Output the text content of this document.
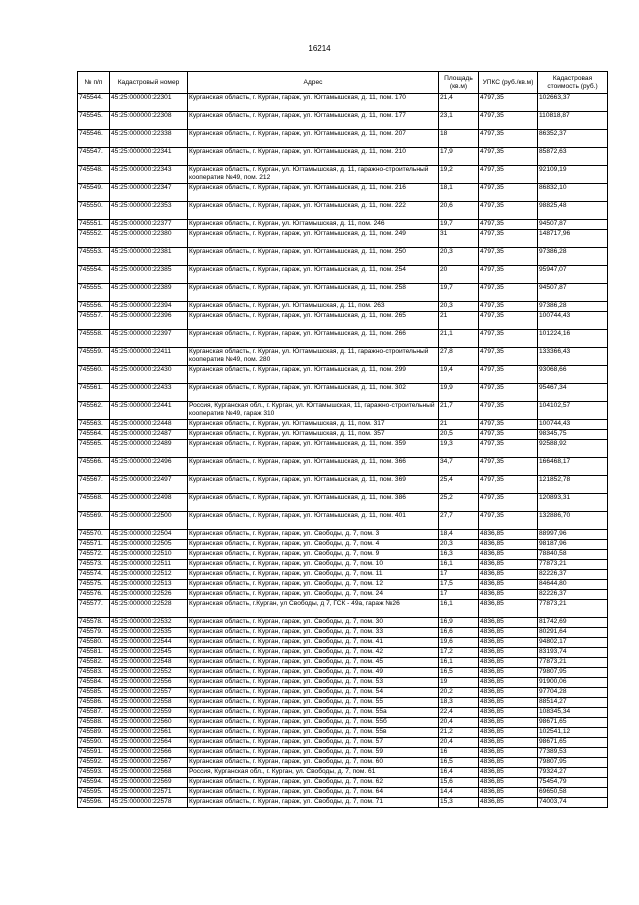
16214
№ п/п	Кадастровый номер	Адрес	Площадь (кв.м)	УПКС (руб./кв.м)	Кадастровая стоимость (руб.)
745544.	45:25:000000:22301	Курганская область, г. Курган, гараж, ул. Югтамышская, д. 11, пом. 170	21,4	4797,35	102663,37
745545.	45:25:000000:22308	Курганская область, г. Курган, гараж, ул. Югтамышская, д. 11, пом. 177	23,1	4797,35	110818,87
745546.	45:25:000000:22338	Курганская область, г. Курган, гараж, ул. Югтамышская, д. 11, пом. 207	18	4797,35	86352,37
745547.	45:25:000000:22341	Курганская область, г. Курган, гараж, ул. Югтамышская, д. 11, пом. 210	17,9	4797,35	85872,63
745548.	45:25:000000:22343	Курганская область, г. Курган, ул. Югтамышская, д. 11, гаражно-строительный кооператив №49, пом. 212	19,2	4797,35	92109,19
745549.	45:25:000000:22347	Курганская область, г. Курган, гараж, ул. Югтамышская, д. 11, пом. 216	18,1	4797,35	86832,10
745550.	45:25:000000:22353	Курганская область, г. Курган, гараж, ул. Югтамышская, д. 11, пом. 222	20,6	4797,35	98825,48
745551.	45:25:000000:22377	Курганская область, г. Курган, ул. Югтамышская, д. 11, пом. 246	19,7	4797,35	94507,87
745552.	45:25:000000:22380	Курганская область, г. Курган, гараж, ул. Югтамышская, д. 11, пом. 249	31	4797,35	148717,96
745553.	45:25:000000:22381	Курганская область, г. Курган, гараж, ул. Югтамышская, д. 11, пом. 250	20,3	4797,35	97386,28
745554.	45:25:000000:22385	Курганская область, г. Курган, гараж, ул. Югтамышская, д. 11, пом. 254	20	4797,35	95947,07
745555.	45:25:000000:22389	Курганская область, г. Курган, гараж, ул. Югтамышская, д. 11, пом. 258	19,7	4797,35	94507,87
745556.	45:25:000000:22394	Курганская область, г. Курган, ул. Югтамышская, д. 11, пом. 263	20,3	4797,35	97386,28
745557.	45:25:000000:22396	Курганская область, г. Курган, гараж, ул. Югтамышская, д. 11, пом. 265	21	4797,35	100744,43
745558.	45:25:000000:22397	Курганская область, г. Курган, гараж, ул. Югтамышская, д. 11, пом. 266	21,1	4797,35	101224,16
745559.	45:25:000000:22411	Курганская область, г. Курган, ул. Югтамышская, д. 11, гаражно-строительный кооператив №49, пом. 280	27,8	4797,35	133366,43
745560.	45:25:000000:22430	Курганская область, г. Курган, гараж, ул. Югтамышская, д. 11, пом. 299	19,4	4797,35	93068,66
745561.	45:25:000000:22433	Курганская область, г. Курган, гараж, ул. Югтамышская, д. 11, пом. 302	19,9	4797,35	95467,34
745562.	45:25:000000:22441	Россия, Курганская обл., г. Курган, ул. Югтамышская, 11, гаражно-строительный кооператив №49, гараж 310	21,7	4797,35	104102,57
745563.	45:25:000000:22448	Курганская область, г. Курган, ул. Югтамышская, д. 11, пом. 317	21	4797,35	100744,43
745564.	45:25:000000:22487	Курганская область, г. Курган, ул. Югтамышская, д. 11, пом. 357	20,5	4797,35	98345,75
745565.	45:25:000000:22489	Курганская область, г. Курган, гараж, ул. Югтамышская, д. 11, пом. 359	19,3	4797,35	92588,92
745566.	45:25:000000:22496	Курганская область, г. Курган, гараж, ул. Югтамышская, д. 11, пом. 366	34,7	4797,35	166468,17
745567.	45:25:000000:22497	Курганская область, г. Курган, гараж, ул. Югтамышская, д. 11, пом. 369	25,4	4797,35	121852,78
745568.	45:25:000000:22498	Курганская область, г. Курган, гараж, ул. Югтамышская, д. 11, пом. 386	25,2	4797,35	120893,31
745569.	45:25:000000:22500	Курганская область, г. Курган, гараж, ул. Югтамышская, д. 11, пом. 401	27,7	4797,35	132886,70
745570.	45:25:000000:22504	Курганская область, г. Курган, гараж, ул. Свободы, д. 7, пом. 3	18,4	4836,85	88997,96
745571.	45:25:000000:22505	Курганская область, г. Курган, гараж, ул. Свободы, д. 7, пом. 4	20,3	4836,85	98187,96
745572.	45:25:000000:22510	Курганская область, г. Курган, гараж, ул. Свободы, д. 7, пом. 9	16,3	4836,85	78840,58
745573.	45:25:000000:22511	Курганская область, г. Курган, гараж, ул. Свободы, д. 7, пом. 10	16,1	4836,85	77873,21
745574.	45:25:000000:22512	Курганская область, г. Курган, гараж, ул. Свободы, д. 7, пом. 11	17	4836,85	82226,37
745575.	45:25:000000:22513	Курганская область, г. Курган, гараж, ул. Свободы, д. 7, пом. 12	17,5	4836,85	84644,80
745576.	45:25:000000:22526	Курганская область, г. Курган, гараж, ул. Свободы, д. 7, пом. 24	17	4836,85	82226,37
745577.	45:25:000000:22528	Курганская область, г.Курган, ул Свободы, д 7, ГСК - 49а, гараж №26	16,1	4836,85	77873,21
745578.	45:25:000000:22532	Курганская область, г. Курган, гараж, ул. Свободы, д. 7, пом. 30	16,9	4836,85	81742,69
745579.	45:25:000000:22535	Курганская область, г. Курган, гараж, ул. Свободы, д. 7, пом. 33	16,6	4836,85	80291,64
745580.	45:25:000000:22544	Курганская область, г. Курган, гараж, ул. Свободы, д. 7, пом. 41	19,6	4836,85	94802,17
745581.	45:25:000000:22545	Курганская область, г. Курган, гараж, ул. Свободы, д. 7, пом. 42	17,2	4836,85	83193,74
745582.	45:25:000000:22548	Курганская область, г. Курган, гараж, ул. Свободы, д. 7, пом. 45	16,1	4836,85	77873,21
745583.	45:25:000000:22552	Курганская область, г. Курган, гараж, ул. Свободы, д. 7, пом. 49	16,5	4836,85	79807,95
745584.	45:25:000000:22556	Курганская область, г. Курган, гараж, ул. Свободы, д. 7, пом. 53	19	4836,85	91900,06
745585.	45:25:000000:22557	Курганская область, г. Курган, гараж, ул. Свободы, д. 7, пом. 54	20,2	4836,85	97704,28
745586.	45:25:000000:22558	Курганская область, г. Курган, гараж, ул. Свободы, д. 7, пом. 55	18,3	4836,85	88514,27
745587.	45:25:000000:22559	Курганская область, г. Курган, гараж, ул. Свободы, д. 7, пом. 55а	22,4	4836,85	108345,34
745588.	45:25:000000:22560	Курганская область, г. Курган, гараж, ул. Свободы, д. 7, пом. 55б	20,4	4836,85	98671,65
745589.	45:25:000000:22561	Курганская область, г. Курган, гараж, ул. Свободы, д. 7, пом. 55в	21,2	4836,85	102541,12
745590.	45:25:000000:22564	Курганская область, г. Курган, гараж, ул. Свободы, д. 7, пом. 57	20,4	4836,85	98671,65
745591.	45:25:000000:22566	Курганская область, г. Курган, гараж, ул. Свободы, д. 7, пом. 59	16	4836,85	77389,53
745592.	45:25:000000:22567	Курганская область, г. Курган, гараж, ул. Свободы, д. 7, пом. 60	16,5	4836,85	79807,95
745593.	45:25:000000:22568	Россия, Курганская обл., г. Курган, ул. Свободы, д. 7, пом. 61	16,4	4836,85	79324,27
745594.	45:25:000000:22569	Курганская область, г. Курган, гараж, ул. Свободы, д. 7, пом. 62	15,6	4836,85	75454,79
745595.	45:25:000000:22571	Курганская область, г. Курган, гараж, ул. Свободы, д. 7, пом. 64	14,4	4836,85	69650,58
745596.	45:25:000000:22578	Курганская область, г. Курган, гараж, ул. Свободы, д. 7, пом. 71	15,3	4836,85	74003,74
